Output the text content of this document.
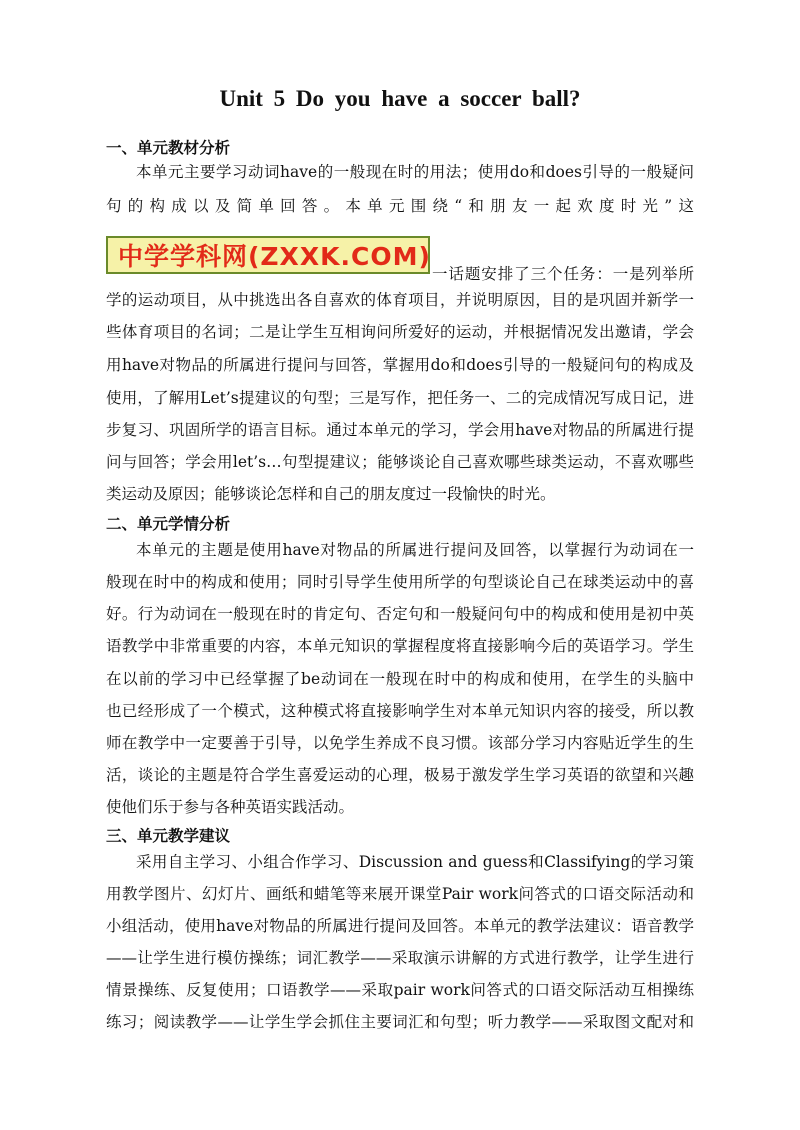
Unit 5 Do you have a soccer ball?

一、单元教材分析

本单元主要学习动词have的一般现在时的用法；使用do和does引导的一般疑问

句的构成以及简单回答。本单元围绕“和朋友一起欢度时光”这

中学学科网(ZXXK.COM)

一话题安排了三个任务：一是列举所

学的运动项目，从中挑选出各自喜欢的体育项目，并说明原因，目的是巩固并新学一

些体育项目的名词；二是让学生互相询问所爱好的运动，并根据情况发出邀请，学会

用have对物品的所属进行提问与回答，掌握用do和does引导的一般疑问句的构成及

使用，了解用Let’s提建议的句型；三是写作，把任务一、二的完成情况写成日记，进

步复习、巩固所学的语言目标。通过本单元的学习，学会用have对物品的所属进行提

问与回答；学会用let’s…句型提建议；能够谈论自己喜欢哪些球类运动，不喜欢哪些

类运动及原因；能够谈论怎样和自己的朋友度过一段愉快的时光。

二、单元学情分析

本单元的主题是使用have对物品的所属进行提问及回答，以掌握行为动词在一

般现在时中的构成和使用；同时引导学生使用所学的句型谈论自己在球类运动中的喜

好。行为动词在一般现在时的肯定句、否定句和一般疑问句中的构成和使用是初中英

语教学中非常重要的内容，本单元知识的掌握程度将直接影响今后的英语学习。学生

在以前的学习中已经掌握了be动词在一般现在时中的构成和使用，在学生的头脑中

也已经形成了一个模式，这种模式将直接影响学生对本单元知识内容的接受，所以教

师在教学中一定要善于引导，以免学生养成不良习惯。该部分学习内容贴近学生的生

活，谈论的主题是符合学生喜爱运动的心理，极易于激发学生学习英语的欲望和兴趣

使他们乐于参与各种英语实践活动。

三、单元教学建议

采用自主学习、小组合作学习、Discussion and guess和Classifying的学习策

用教学图片、幻灯片、画纸和蜡笔等来展开课堂Pair work问答式的口语交际活动和

小组活动，使用have对物品的所属进行提问及回答。本单元的教学法建议：语音教学

——让学生进行模仿操练；词汇教学——采取演示讲解的方式进行教学，让学生进行

情景操练、反复使用；口语教学——采取pair work问答式的口语交际活动互相操练

练习；阅读教学——让学生学会抓住主要词汇和句型；听力教学——采取图文配对和
